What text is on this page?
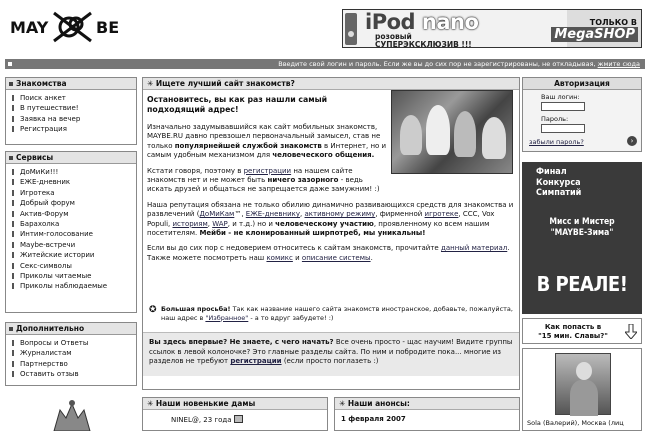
MAY	BE	iPod nano
розовый
СУПЕРЭКСКЛЮЗИВ !!!
ТОЛЬКО В
MegaSHOP
Введите свой логин и пароль. Если же вы до сих пор не зарегистрированы, не откладывая, жмите сюда
Знакомства
Поиск анкет
В путешествие!
Заявка на вечер
Регистрация
Сервисы
ДоМиКи!!!
ЕЖЕ-дневник
Игротека
Добрый форум
Актив-Форум
Барахолка
Интим-голосование
Maybe-встречи
Житейские истории
Секс-символы
Приколы читаемые
Приколы наблюдаемые
Дополнительно
Вопросы и Ответы
Журналистам
Партнерство
Оставить отзыв
✳ Ищете лучший сайт знакомств?

Остановитесь, вы как раз нашли самый подходящий адрес!

Изначально задумывавшийся как сайт мобильных знакомств, MAYBE.RU давно превзошел первоначальный замысел, став не только популярнейшей службой знакомств в Интернет, но и самым удобным механизмом для человеческого общения.

Кстати говоря, поэтому в регистрации на нашем сайте знакомств нет и не может быть ничего зазорного - ведь искать друзей и общаться не запрещается даже замужним! :)

Наша репутация обязана не только обилию динамично развивающихся средств для знакомства и развлечений (ДоМиКам™, ЕЖЕ-дневнику, активному режиму, фирменной игротеке, CCC, Vox Populi, историям, WAP, и т.д.) но и человеческому участию, проявленному ко всем нашим посетителям. Мейби - не клонированный ширпотреб, мы уникальны!

Если вы до сих пор с недоверием относитесь к сайтам знакомств, прочитайте данный материал. Также можете посмотреть наш комикс и описание системы.

✪ Большая просьба! Так как название нашего сайта знакомств иностранское, добавьте, пожалуйста, наш адрес в "Избранное" - а то вдруг забудете! :)
Вы здесь впервые? Не знаете, с чего начать? Все очень просто - щас научим! Видите группы ссылок в левой колоночке? Это главные разделы сайта. По ним и побродите пока... многие из разделов не требуют регистрации (если просто поглазеть :)
✳ Наши новенькие дамы
NINEL@, 23 года
✳ Наши анонсы:
1 февраля 2007
Авторизация
Ваш логин:
Пароль:
забыли пароль?	›
Финал
Конкурса
Симпатий
Мисс и Мистер
"MAYBE-Зима"
В РЕАЛЕ!
Как попасть в
"15 мин. Славы?"
Sola (Валерий), Москва (лиц
